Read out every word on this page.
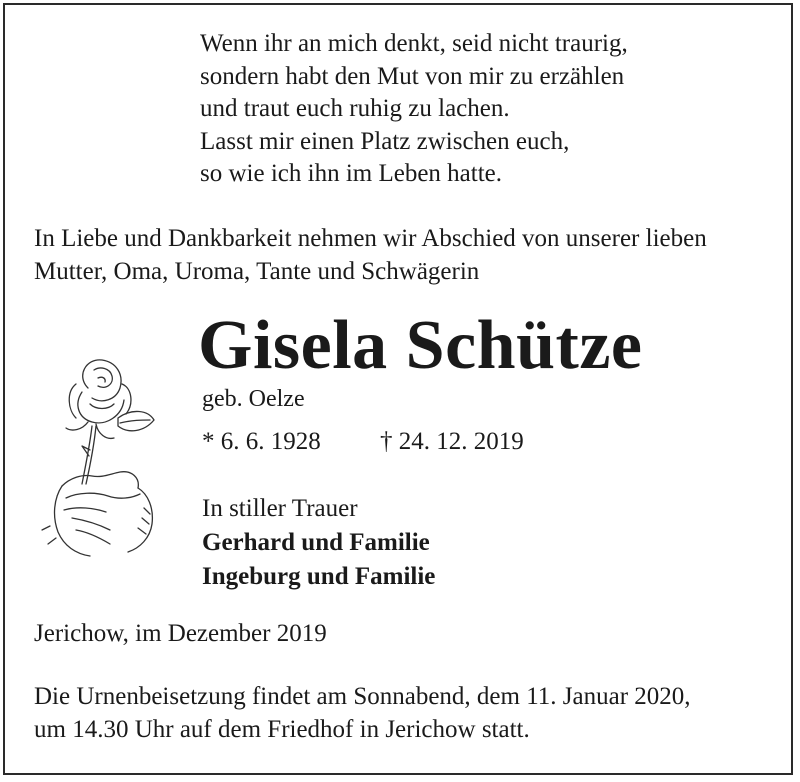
Wenn ihr an mich denkt, seid nicht traurig,
sondern habt den Mut von mir zu erzählen
und traut euch ruhig zu lachen.
Lasst mir einen Platz zwischen euch,
so wie ich ihn im Leben hatte.
In Liebe und Dankbarkeit nehmen wir Abschied von unserer lieben
Mutter, Oma, Uroma, Tante und Schwägerin
Gisela Schütze
geb. Oelze
* 6. 6. 1928 † 24. 12. 2019
In stiller Trauer
Gerhard und Familie
Ingeburg und Familie
Jerichow, im Dezember 2019
Die Urnenbeisetzung findet am Sonnabend, dem 11. Januar 2020,
um 14.30 Uhr auf dem Friedhof in Jerichow statt.
